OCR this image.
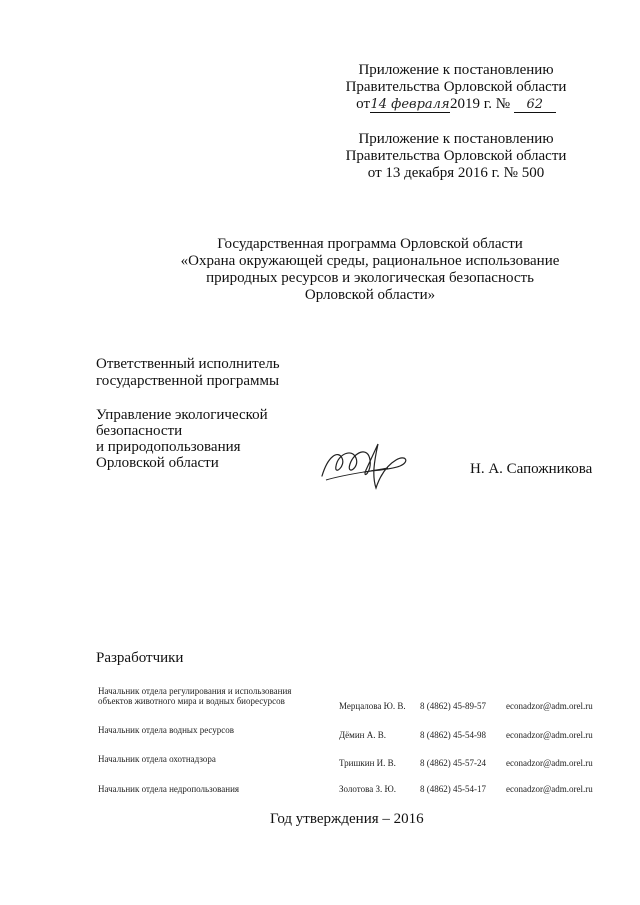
Приложение к постановлению
Правительства Орловской области
от14 февраля2019 г. № 62
Приложение к постановлению
Правительства Орловской области
от 13 декабря 2016 г. № 500
Государственная программа Орловской области
«Охрана окружающей среды, рациональное использование
природных ресурсов и экологическая безопасность
Орловской области»
Ответственный исполнитель
государственной программы
Управление экологической
безопасности
и природопользования
Орловской области	Н. А. Сапожникова
Разработчики
Начальник отдела регулирования и использования
объектов животного мира и водных биоресурсов	Мерцалова Ю. В. 8 (4862) 45-89-57 econadzor@adm.orel.ru
Начальник отдела водных ресурсов	Дёмин А. В.	8 (4862) 45-54-98 econadzor@adm.orel.ru
Начальник отдела охотнадзора	Тришкин И. В.	8 (4862) 45-57-24 econadzor@adm.orel.ru
Начальник отдела недропользования	Золотова З. Ю.	8 (4862) 45-54-17 econadzor@adm.orel.ru
Год утверждения – 2016
